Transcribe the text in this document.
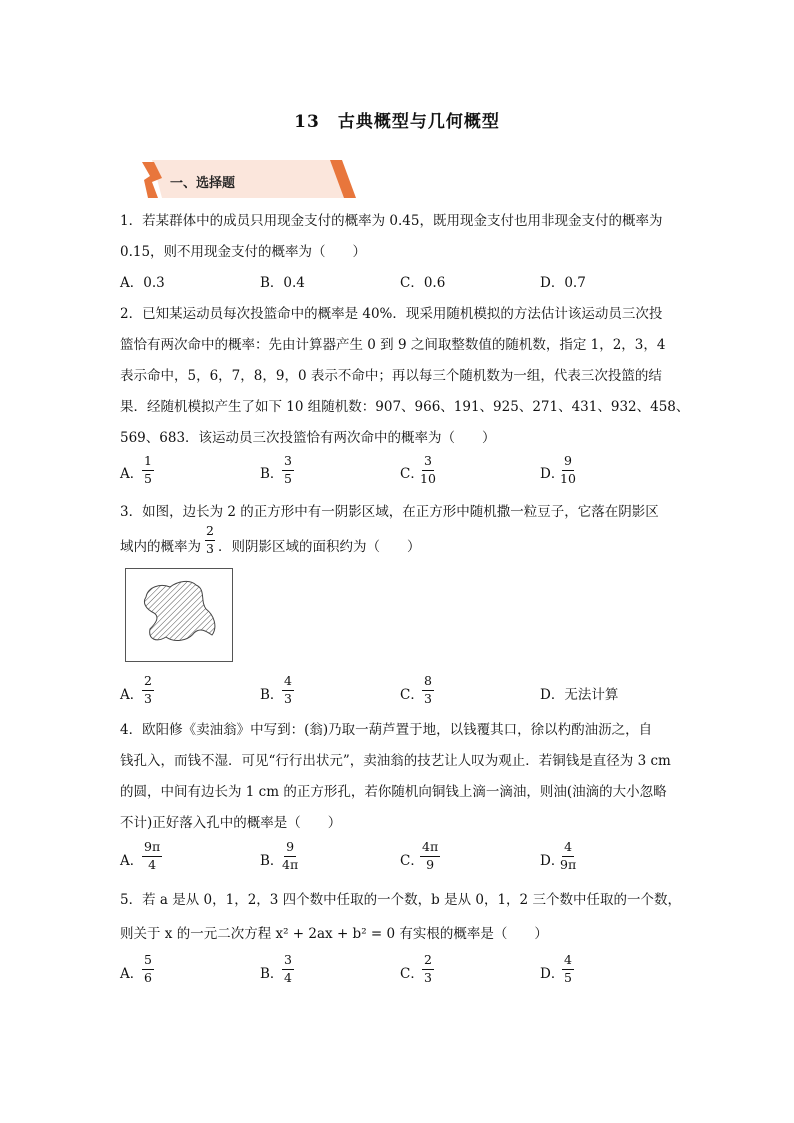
13　古典概型与几何概型
一、选择题
1．若某群体中的成员只用现金支付的概率为 0.45，既用现金支付也用非现金支付的概率为
0.15，则不用现金支付的概率为（　　）
A．0.3	B．0.4	C．0.6	D．0.7
2．已知某运动员每次投篮命中的概率是 40%．现采用随机模拟的方法估计该运动员三次投
篮恰有两次命中的概率：先由计算器产生 0 到 9 之间取整数值的随机数，指定 1，2，3，4
表示命中，5，6，7，8，9，0 表示不命中；再以每三个随机数为一组，代表三次投篮的结
果．经随机模拟产生了如下 10 组随机数：907、966、191、925、271、431、932、458、
569、683．该运动员三次投篮恰有两次命中的概率为（　　）
A．
$\frac{1}{5}$	B．
$\frac{3}{5}$	C．
$\frac{3}{10}$	D．
$\frac{9}{10}$
3．如图，边长为 2 的正方形中有一阴影区域，在正方形中随机撒一粒豆子，它落在阴影区
域内的概率为 $\frac{2}{3}$ ．则阴影区域的面积约为（　　）
A．
$\frac{2}{3}$	B．
$\frac{4}{3}$	C．
$\frac{8}{3}$	D．无法计算
4．欧阳修《卖油翁》中写到：(翁)乃取一葫芦置于地，以钱覆其口，徐以杓酌油沥之，自
钱孔入，而钱不湿．可见“行行出状元”，卖油翁的技艺让人叹为观止．若铜钱是直径为 3 cm
的圆，中间有边长为 1 cm 的正方形孔，若你随机向铜钱上滴一滴油，则油(油滴的大小忽略
不计)正好落入孔中的概率是（　　）
A．
$\frac{9\pi}{4}$	B．
$\frac{9}{4\pi}$	C．
$\frac{4\pi}{9}$	D．
$\frac{4}{9\pi}$
5．若 a 是从 0，1，2，3 四个数中任取的一个数，b 是从 0，1，2 三个数中任取的一个数，
则关于 x 的一元二次方程 x² + 2ax + b² = 0 有实根的概率是（　　）
A．
$\frac{5}{6}$	B．
$\frac{3}{4}$	C．
$\frac{2}{3}$	D．
$\frac{4}{5}$
